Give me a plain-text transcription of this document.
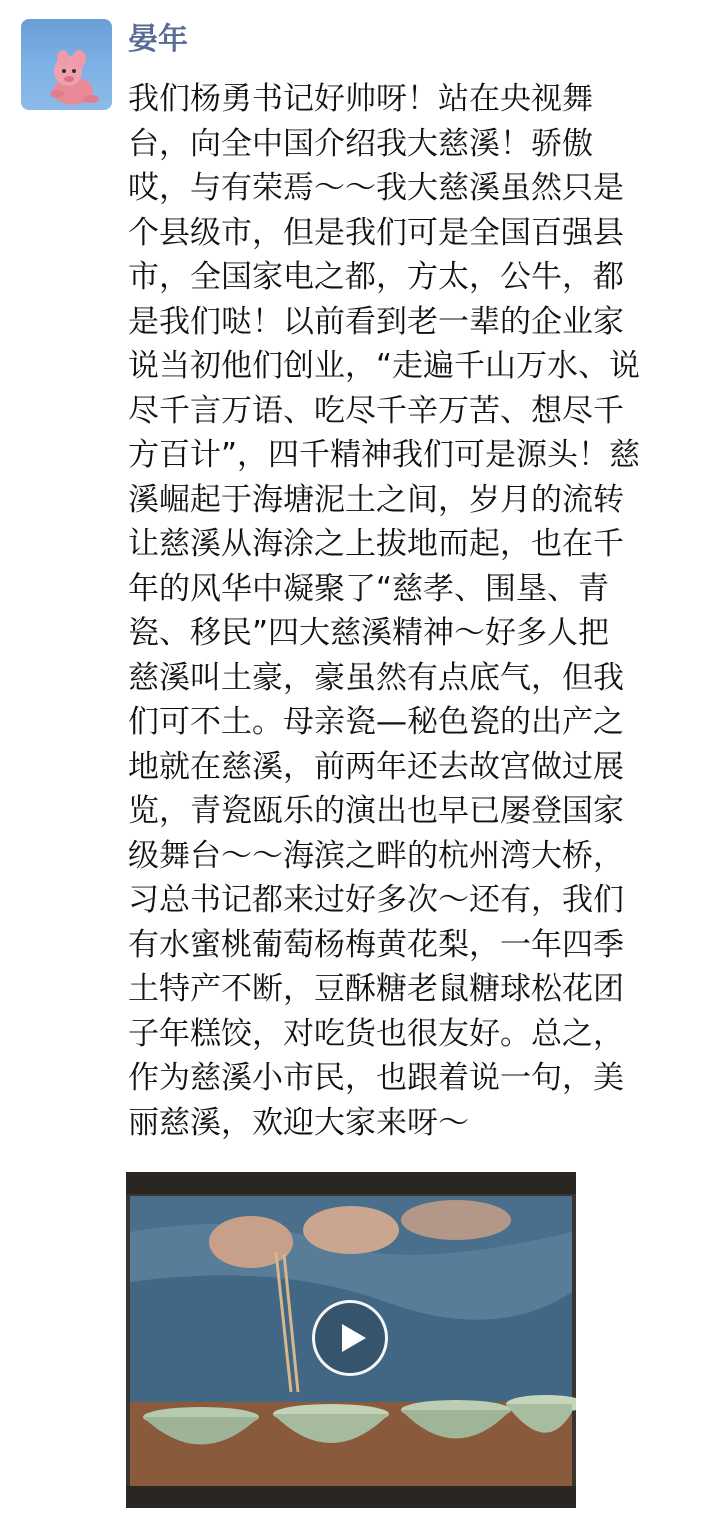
晏年
我们杨勇书记好帅呀！站在央视舞
台，向全中国介绍我大慈溪！骄傲
哎，与有荣焉～～我大慈溪虽然只是
个县级市，但是我们可是全国百强县
市，全国家电之都，方太，公牛，都
是我们哒！以前看到老一辈的企业家
说当初他们创业，“走遍千山万水、说
尽千言万语、吃尽千辛万苦、想尽千
方百计”，四千精神我们可是源头！慈
溪崛起于海塘泥土之间，岁月的流转
让慈溪从海涂之上拔地而起，也在千
年的风华中凝聚了“慈孝、围垦、青
瓷、移民”四大慈溪精神～好多人把
慈溪叫土豪，豪虽然有点底气，但我
们可不土。母亲瓷—秘色瓷的出产之
地就在慈溪，前两年还去故宫做过展
览，青瓷瓯乐的演出也早已屡登国家
级舞台～～海滨之畔的杭州湾大桥，
习总书记都来过好多次～还有，我们
有水蜜桃葡萄杨梅黄花梨，一年四季
土特产不断，豆酥糖老鼠糖球松花团
子年糕饺，对吃货也很友好。总之，
作为慈溪小市民，也跟着说一句，美
丽慈溪，欢迎大家来呀～
